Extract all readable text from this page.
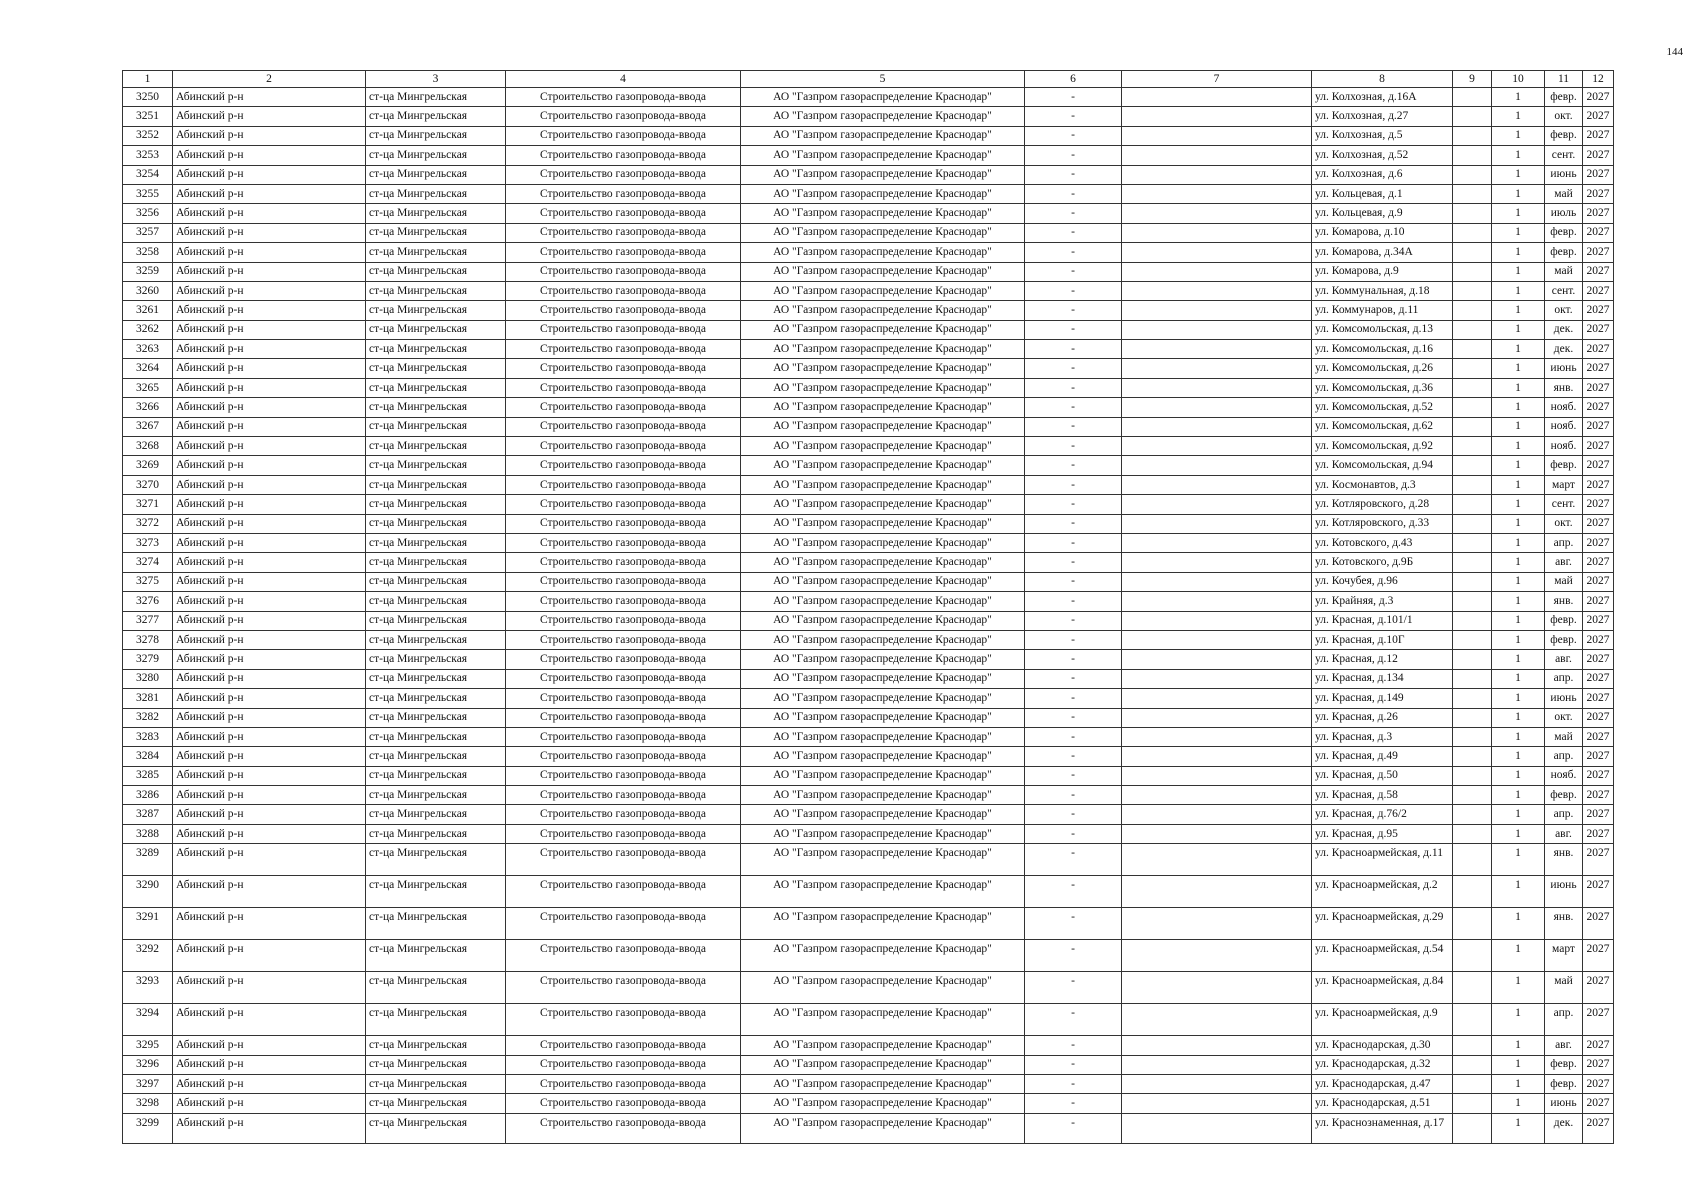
144
1	2	3	4	5	6	7	8	9	10	11	12
3250	Абинский р-н	ст-ца Мингрельская	Строительство газопровода-ввода	АО "Газпром газораспределение Краснодар"	-		ул. Колхозная, д.16А		1	февр.	2027
3251	Абинский р-н	ст-ца Мингрельская	Строительство газопровода-ввода	АО "Газпром газораспределение Краснодар"	-		ул. Колхозная, д.27		1	окт.	2027
3252	Абинский р-н	ст-ца Мингрельская	Строительство газопровода-ввода	АО "Газпром газораспределение Краснодар"	-		ул. Колхозная, д.5		1	февр.	2027
3253	Абинский р-н	ст-ца Мингрельская	Строительство газопровода-ввода	АО "Газпром газораспределение Краснодар"	-		ул. Колхозная, д.52		1	сент.	2027
3254	Абинский р-н	ст-ца Мингрельская	Строительство газопровода-ввода	АО "Газпром газораспределение Краснодар"	-		ул. Колхозная, д.6		1	июнь	2027
3255	Абинский р-н	ст-ца Мингрельская	Строительство газопровода-ввода	АО "Газпром газораспределение Краснодар"	-		ул. Кольцевая, д.1		1	май	2027
3256	Абинский р-н	ст-ца Мингрельская	Строительство газопровода-ввода	АО "Газпром газораспределение Краснодар"	-		ул. Кольцевая, д.9		1	июль	2027
3257	Абинский р-н	ст-ца Мингрельская	Строительство газопровода-ввода	АО "Газпром газораспределение Краснодар"	-		ул. Комарова, д.10		1	февр.	2027
3258	Абинский р-н	ст-ца Мингрельская	Строительство газопровода-ввода	АО "Газпром газораспределение Краснодар"	-		ул. Комарова, д.34А		1	февр.	2027
3259	Абинский р-н	ст-ца Мингрельская	Строительство газопровода-ввода	АО "Газпром газораспределение Краснодар"	-		ул. Комарова, д.9		1	май	2027
3260	Абинский р-н	ст-ца Мингрельская	Строительство газопровода-ввода	АО "Газпром газораспределение Краснодар"	-		ул. Коммунальная, д.18		1	сент.	2027
3261	Абинский р-н	ст-ца Мингрельская	Строительство газопровода-ввода	АО "Газпром газораспределение Краснодар"	-		ул. Коммунаров, д.11		1	окт.	2027
3262	Абинский р-н	ст-ца Мингрельская	Строительство газопровода-ввода	АО "Газпром газораспределение Краснодар"	-		ул. Комсомольская, д.13		1	дек.	2027
3263	Абинский р-н	ст-ца Мингрельская	Строительство газопровода-ввода	АО "Газпром газораспределение Краснодар"	-		ул. Комсомольская, д.16		1	дек.	2027
3264	Абинский р-н	ст-ца Мингрельская	Строительство газопровода-ввода	АО "Газпром газораспределение Краснодар"	-		ул. Комсомольская, д.26		1	июнь	2027
3265	Абинский р-н	ст-ца Мингрельская	Строительство газопровода-ввода	АО "Газпром газораспределение Краснодар"	-		ул. Комсомольская, д.36		1	янв.	2027
3266	Абинский р-н	ст-ца Мингрельская	Строительство газопровода-ввода	АО "Газпром газораспределение Краснодар"	-		ул. Комсомольская, д.52		1	нояб.	2027
3267	Абинский р-н	ст-ца Мингрельская	Строительство газопровода-ввода	АО "Газпром газораспределение Краснодар"	-		ул. Комсомольская, д.62		1	нояб.	2027
3268	Абинский р-н	ст-ца Мингрельская	Строительство газопровода-ввода	АО "Газпром газораспределение Краснодар"	-		ул. Комсомольская, д.92		1	нояб.	2027
3269	Абинский р-н	ст-ца Мингрельская	Строительство газопровода-ввода	АО "Газпром газораспределение Краснодар"	-		ул. Комсомольская, д.94		1	февр.	2027
3270	Абинский р-н	ст-ца Мингрельская	Строительство газопровода-ввода	АО "Газпром газораспределение Краснодар"	-		ул. Космонавтов, д.3		1	март	2027
3271	Абинский р-н	ст-ца Мингрельская	Строительство газопровода-ввода	АО "Газпром газораспределение Краснодар"	-		ул. Котляровского, д.28		1	сент.	2027
3272	Абинский р-н	ст-ца Мингрельская	Строительство газопровода-ввода	АО "Газпром газораспределение Краснодар"	-		ул. Котляровского, д.33		1	окт.	2027
3273	Абинский р-н	ст-ца Мингрельская	Строительство газопровода-ввода	АО "Газпром газораспределение Краснодар"	-		ул. Котовского, д.43		1	апр.	2027
3274	Абинский р-н	ст-ца Мингрельская	Строительство газопровода-ввода	АО "Газпром газораспределение Краснодар"	-		ул. Котовского, д.9Б		1	авг.	2027
3275	Абинский р-н	ст-ца Мингрельская	Строительство газопровода-ввода	АО "Газпром газораспределение Краснодар"	-		ул. Кочубея, д.96		1	май	2027
3276	Абинский р-н	ст-ца Мингрельская	Строительство газопровода-ввода	АО "Газпром газораспределение Краснодар"	-		ул. Крайняя, д.3		1	янв.	2027
3277	Абинский р-н	ст-ца Мингрельская	Строительство газопровода-ввода	АО "Газпром газораспределение Краснодар"	-		ул. Красная, д.101/1		1	февр.	2027
3278	Абинский р-н	ст-ца Мингрельская	Строительство газопровода-ввода	АО "Газпром газораспределение Краснодар"	-		ул. Красная, д.10Г		1	февр.	2027
3279	Абинский р-н	ст-ца Мингрельская	Строительство газопровода-ввода	АО "Газпром газораспределение Краснодар"	-		ул. Красная, д.12		1	авг.	2027
3280	Абинский р-н	ст-ца Мингрельская	Строительство газопровода-ввода	АО "Газпром газораспределение Краснодар"	-		ул. Красная, д.134		1	апр.	2027
3281	Абинский р-н	ст-ца Мингрельская	Строительство газопровода-ввода	АО "Газпром газораспределение Краснодар"	-		ул. Красная, д.149		1	июнь	2027
3282	Абинский р-н	ст-ца Мингрельская	Строительство газопровода-ввода	АО "Газпром газораспределение Краснодар"	-		ул. Красная, д.26		1	окт.	2027
3283	Абинский р-н	ст-ца Мингрельская	Строительство газопровода-ввода	АО "Газпром газораспределение Краснодар"	-		ул. Красная, д.3		1	май	2027
3284	Абинский р-н	ст-ца Мингрельская	Строительство газопровода-ввода	АО "Газпром газораспределение Краснодар"	-		ул. Красная, д.49		1	апр.	2027
3285	Абинский р-н	ст-ца Мингрельская	Строительство газопровода-ввода	АО "Газпром газораспределение Краснодар"	-		ул. Красная, д.50		1	нояб.	2027
3286	Абинский р-н	ст-ца Мингрельская	Строительство газопровода-ввода	АО "Газпром газораспределение Краснодар"	-		ул. Красная, д.58		1	февр.	2027
3287	Абинский р-н	ст-ца Мингрельская	Строительство газопровода-ввода	АО "Газпром газораспределение Краснодар"	-		ул. Красная, д.76/2		1	апр.	2027
3288	Абинский р-н	ст-ца Мингрельская	Строительство газопровода-ввода	АО "Газпром газораспределение Краснодар"	-		ул. Красная, д.95		1	авг.	2027
3289	Абинский р-н	ст-ца Мингрельская	Строительство газопровода-ввода	АО "Газпром газораспределение Краснодар"	-		ул. Красноармейская, д.11		1	янв.	2027
3290	Абинский р-н	ст-ца Мингрельская	Строительство газопровода-ввода	АО "Газпром газораспределение Краснодар"	-		ул. Красноармейская, д.2		1	июнь	2027
3291	Абинский р-н	ст-ца Мингрельская	Строительство газопровода-ввода	АО "Газпром газораспределение Краснодар"	-		ул. Красноармейская, д.29		1	янв.	2027
3292	Абинский р-н	ст-ца Мингрельская	Строительство газопровода-ввода	АО "Газпром газораспределение Краснодар"	-		ул. Красноармейская, д.54		1	март	2027
3293	Абинский р-н	ст-ца Мингрельская	Строительство газопровода-ввода	АО "Газпром газораспределение Краснодар"	-		ул. Красноармейская, д.84		1	май	2027
3294	Абинский р-н	ст-ца Мингрельская	Строительство газопровода-ввода	АО "Газпром газораспределение Краснодар"	-		ул. Красноармейская, д.9		1	апр.	2027
3295	Абинский р-н	ст-ца Мингрельская	Строительство газопровода-ввода	АО "Газпром газораспределение Краснодар"	-		ул. Краснодарская, д.30		1	авг.	2027
3296	Абинский р-н	ст-ца Мингрельская	Строительство газопровода-ввода	АО "Газпром газораспределение Краснодар"	-		ул. Краснодарская, д.32		1	февр.	2027
3297	Абинский р-н	ст-ца Мингрельская	Строительство газопровода-ввода	АО "Газпром газораспределение Краснодар"	-		ул. Краснодарская, д.47		1	февр.	2027
3298	Абинский р-н	ст-ца Мингрельская	Строительство газопровода-ввода	АО "Газпром газораспределение Краснодар"	-		ул. Краснодарская, д.51		1	июнь	2027
3299	Абинский р-н	ст-ца Мингрельская	Строительство газопровода-ввода	АО "Газпром газораспределение Краснодар"	-		ул. Краснознаменная, д.17		1	дек.	2027
